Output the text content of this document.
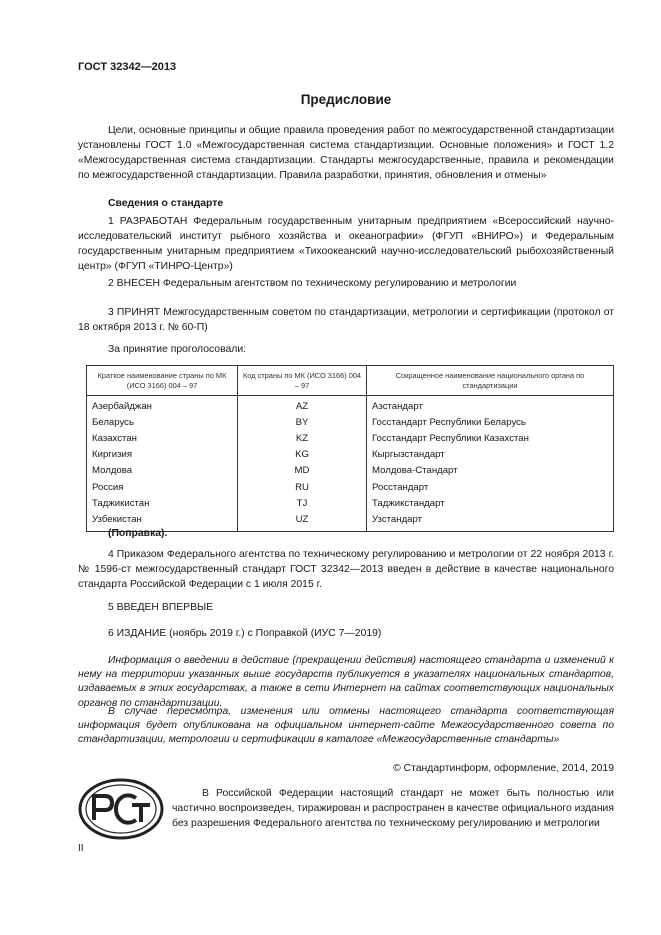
ГОСТ 32342—2013
Предисловие
Цели, основные принципы и общие правила проведения работ по межгосударственной стандартизации установлены ГОСТ 1.0 «Межгосударственная система стандартизации. Основные положения» и ГОСТ 1.2 «Межгосударственная система стандартизации. Стандарты межгосударственные, правила и рекомендации по межгосударственной стандартизации. Правила разработки, принятия, обновления и отмены»
Сведения о стандарте
1 РАЗРАБОТАН Федеральным государственным унитарным предприятием «Всероссийский научно-исследовательский институт рыбного хозяйства и океанографии» (ФГУП «ВНИРО») и Федеральным государственным унитарным предприятием «Тихоокеанский научно-исследовательский рыбохозяйственный центр» (ФГУП «ТИНРО-Центр»)
2 ВНЕСЕН Федеральным агентством по техническому регулированию и метрологии
3 ПРИНЯТ Межгосударственным советом по стандартизации, метрологии и сертификации (протокол от 18 октября 2013 г. № 60-П)
За принятие проголосовали:
Краткое наименование страны по МК (ИСО 3166) 004 – 97	Код страны по МК (ИСО 3166) 004 – 97	Сокращенное наименование национального органа по стандартизации
Азербайджан	AZ	Азстандарт
Беларусь	BY	Госстандарт Республики Беларусь
Казахстан	KZ	Госстандарт Республики Казахстан
Киргизия	KG	Кыргызстандарт
Молдова	MD	Молдова-Стандарт
Россия	RU	Росстандарт
Таджикистан	TJ	Таджикстандарт
Узбекистан	UZ	Узстандарт
(Поправка).
4 Приказом Федерального агентства по техническому регулированию и метрологии от 22 ноября 2013 г. № 1596-ст межгосударственный стандарт ГОСТ 32342—2013 введен в действие в качестве национального стандарта Российской Федерации с 1 июля 2015 г.
5 ВВЕДЕН ВПЕРВЫЕ
6 ИЗДАНИЕ (ноябрь 2019 г.) с Поправкой (ИУС 7—2019)
Информация о введении в действие (прекращении действия) настоящего стандарта и изменений к нему на территории указанных выше государств публикуется в указателях национальных стандартов, издаваемых в этих государствах, а также в сети Интернет на сайтах соответствующих национальных органов по стандартизации.
В случае пересмотра, изменения или отмены настоящего стандарта соответствующая информация будет опубликована на официальном интернет-сайте Межгосударственного совета по стандартизации, метрологии и сертификации в каталоге «Межгосударственные стандарты»
© Стандартинформ, оформление, 2014, 2019
В Российской Федерации настоящий стандарт не может быть полностью или частично воспроизведен, тиражирован и распространен в качестве официального издания без разрешения Федерального агентства по техническому регулированию и метрологии
II
